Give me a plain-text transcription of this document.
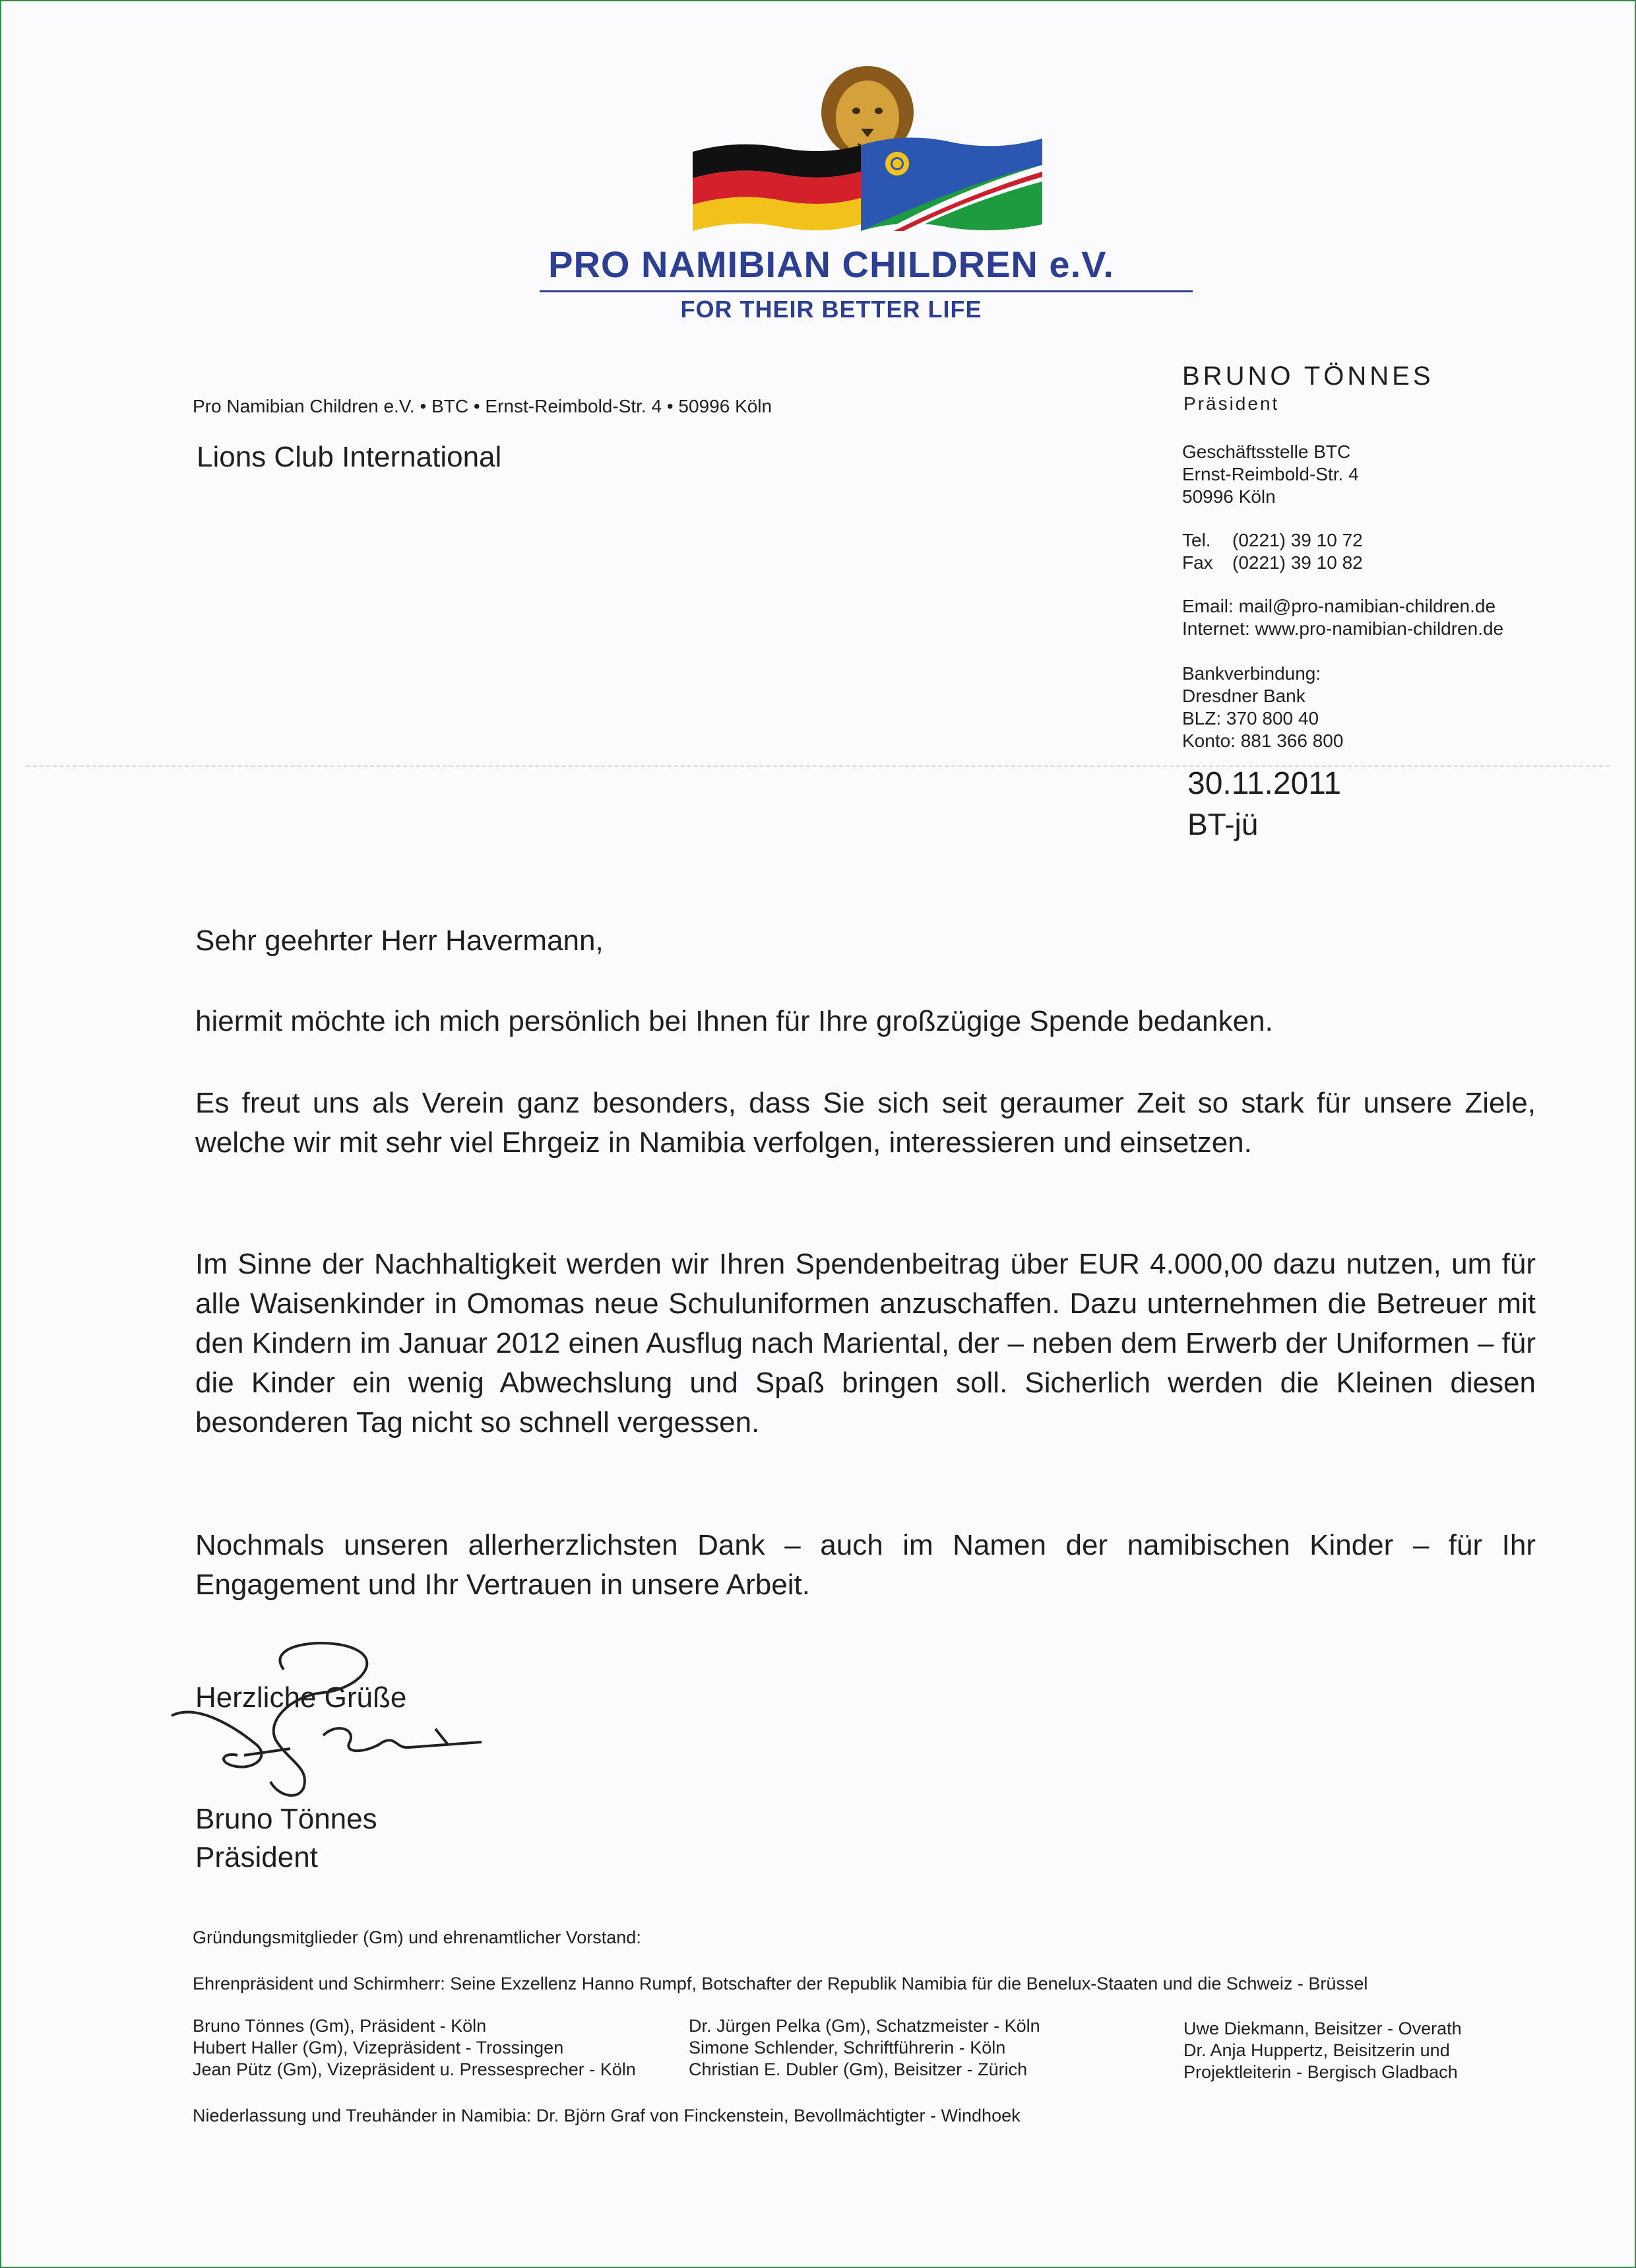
PRO NAMIBIAN CHILDREN e.V.
FOR THEIR BETTER LIFE
Pro Namibian Children e.V. • BTC • Ernst-Reimbold-Str. 4 • 50996 Köln
Lions Club International
BRUNO TÖNNES
Präsident
Geschäftsstelle BTC
Ernst-Reimbold-Str. 4
50996 Köln
Tel. (0221) 39 10 72
Fax (0221) 39 10 82
Email: mail@pro-namibian-children.de
Internet: www.pro-namibian-children.de
Bankverbindung:
Dresdner Bank
BLZ: 370 800 40
Konto: 881 366 800
30.11.2011
BT-jü
Sehr geehrter Herr Havermann,
hiermit möchte ich mich persönlich bei Ihnen für Ihre großzügige Spende bedanken.
Es freut uns als Verein ganz besonders, dass Sie sich seit geraumer Zeit so stark für unsere Ziele, welche wir mit sehr viel Ehrgeiz in Namibia verfolgen, interessieren und einsetzen.
Im Sinne der Nachhaltigkeit werden wir Ihren Spendenbeitrag über EUR 4.000,00 dazu nutzen, um für alle Waisenkinder in Omomas neue Schuluniformen anzuschaffen. Dazu unternehmen die Betreuer mit den Kindern im Januar 2012 einen Ausflug nach Mariental, der – neben dem Erwerb der Uniformen – für die Kinder ein wenig Abwechslung und Spaß bringen soll. Sicherlich werden die Kleinen diesen besonderen Tag nicht so schnell vergessen.
Nochmals unseren allerherzlichsten Dank – auch im Namen der namibischen Kinder – für Ihr Engagement und Ihr Vertrauen in unsere Arbeit.
Herzliche Grüße
Bruno Tönnes
Präsident
Gründungsmitglieder (Gm) und ehrenamtlicher Vorstand:
Ehrenpräsident und Schirmherr: Seine Exzellenz Hanno Rumpf, Botschafter der Republik Namibia für die Benelux-Staaten und die Schweiz - Brüssel
Bruno Tönnes (Gm), Präsident - Köln
Hubert Haller (Gm), Vizepräsident - Trossingen
Jean Pütz (Gm), Vizepräsident u. Pressesprecher - Köln
Dr. Jürgen Pelka (Gm), Schatzmeister - Köln
Simone Schlender, Schriftführerin - Köln
Christian E. Dubler (Gm), Beisitzer - Zürich
Uwe Diekmann, Beisitzer - Overath
Dr. Anja Huppertz, Beisitzerin und
Projektleiterin - Bergisch Gladbach
Niederlassung und Treuhänder in Namibia: Dr. Björn Graf von Finckenstein, Bevollmächtigter - Windhoek
